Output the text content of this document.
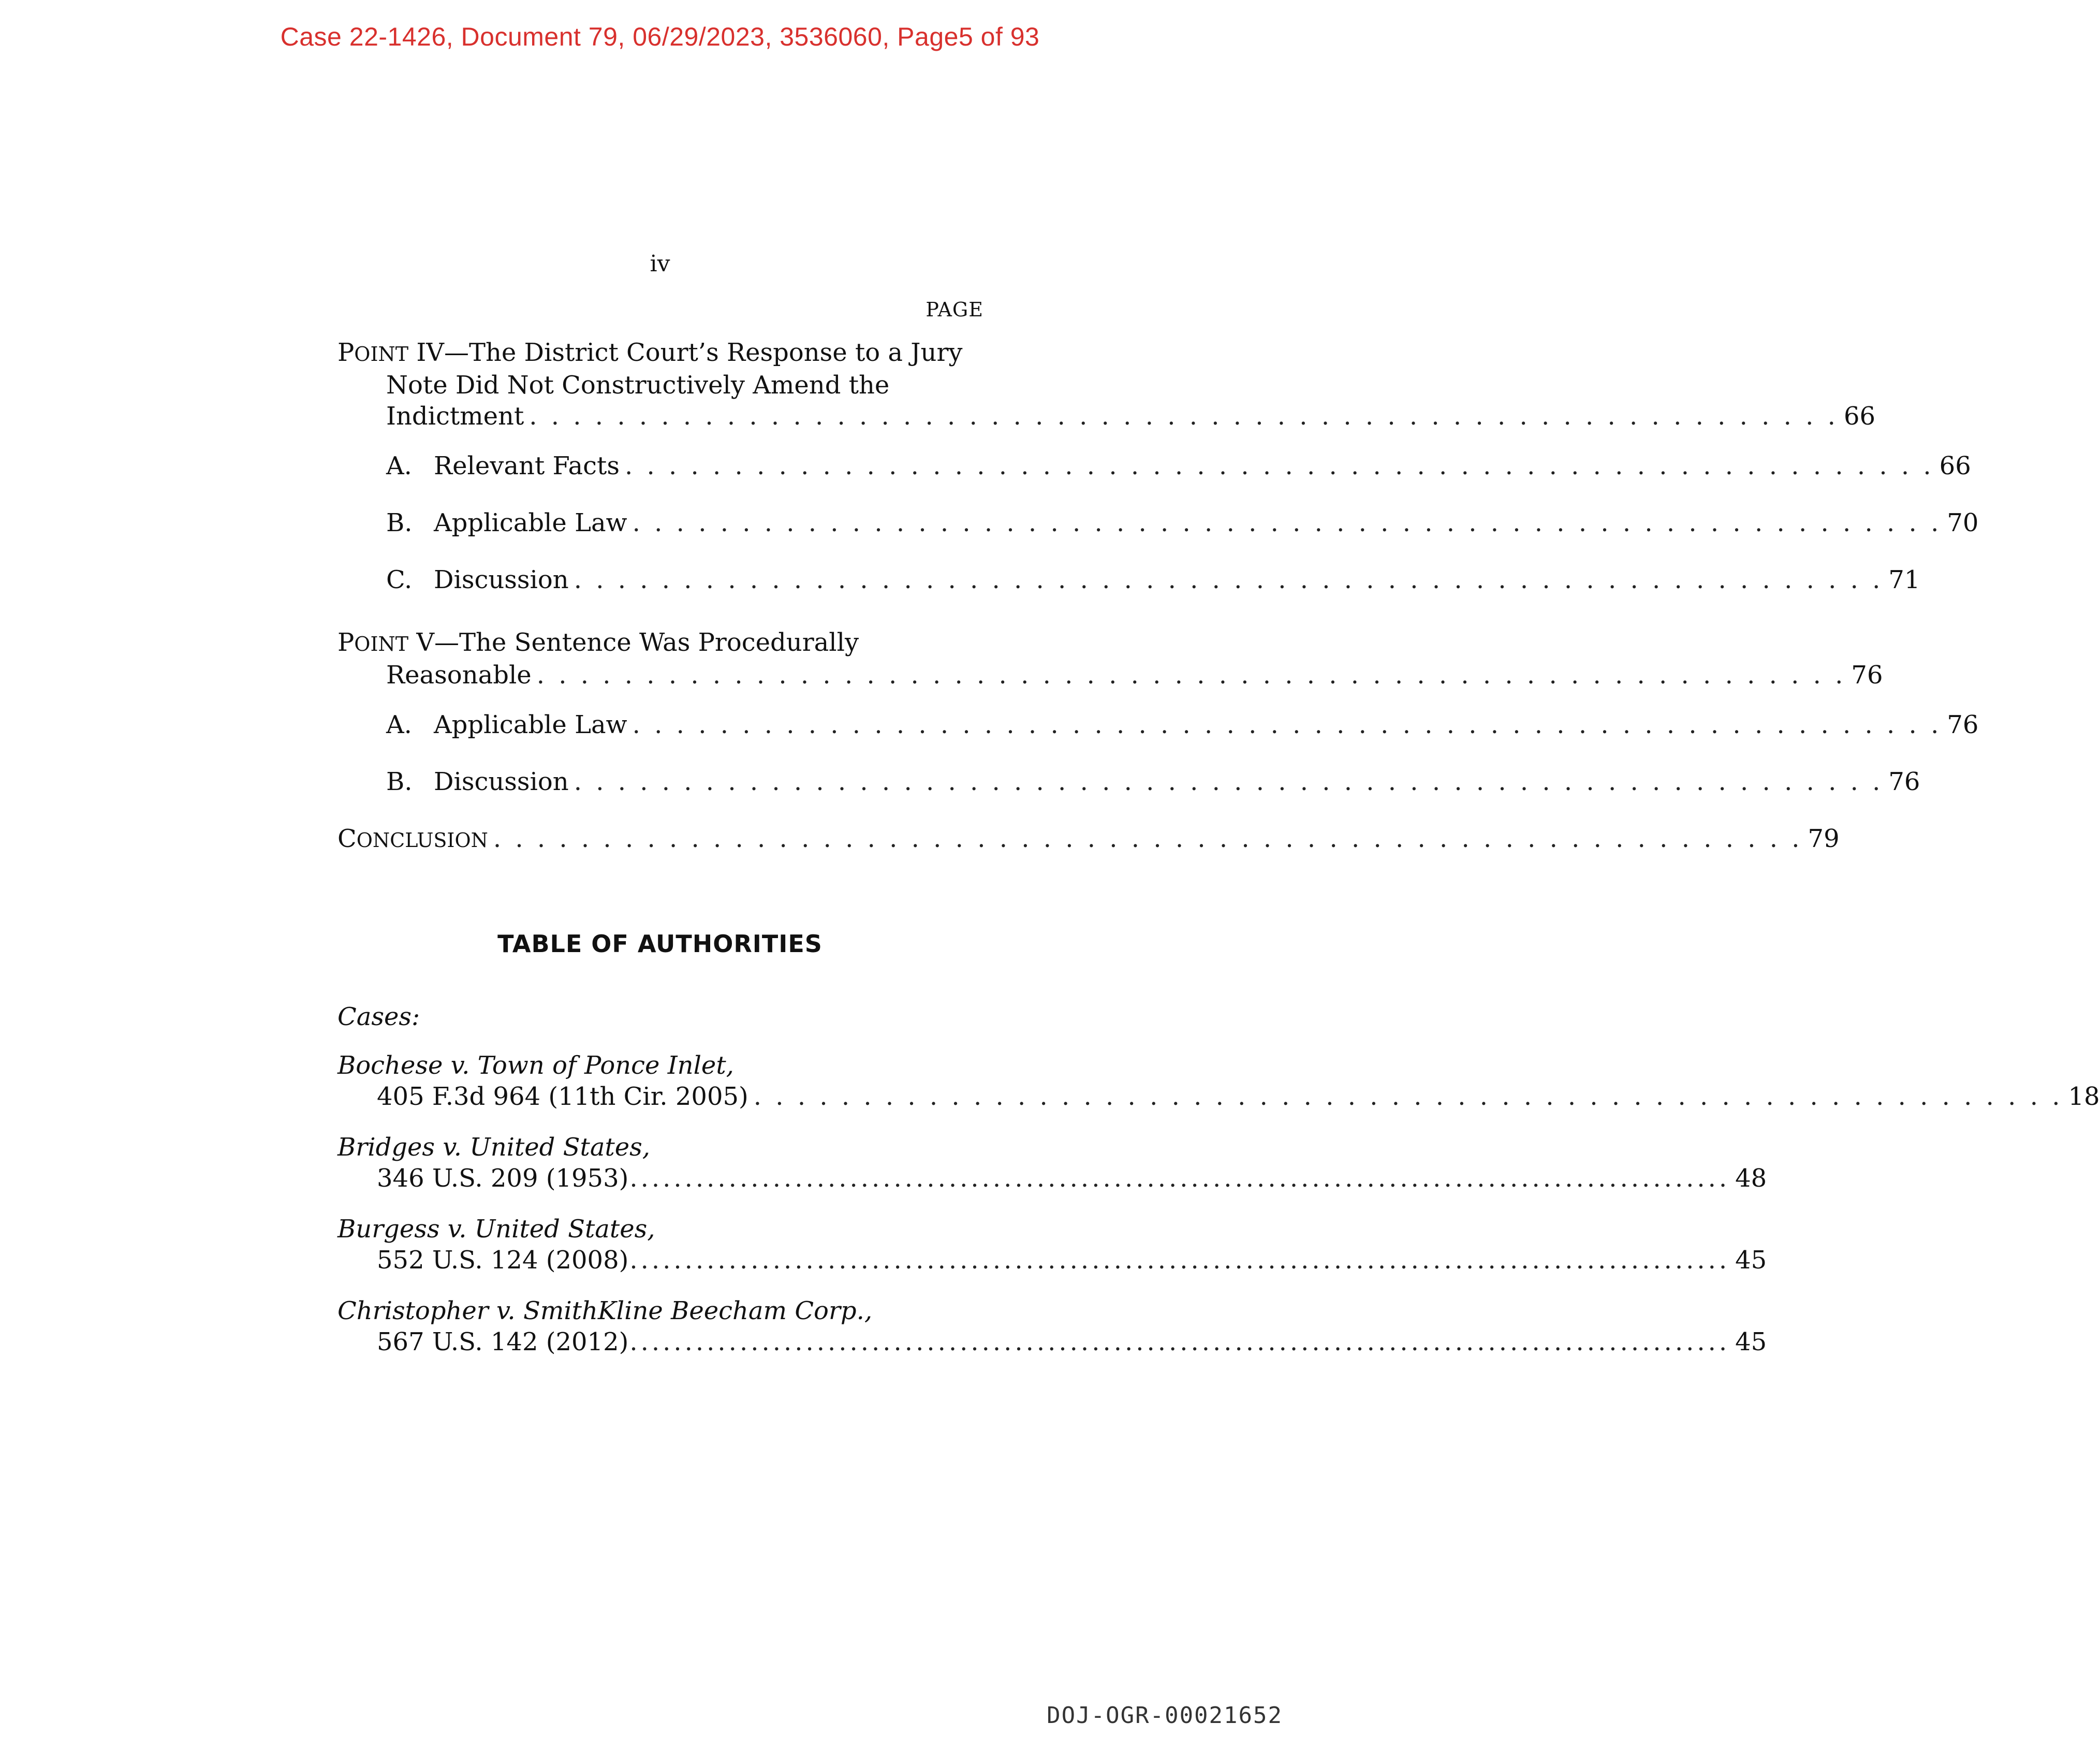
Case 22-1426, Document 79, 06/29/2023, 3536060, Page5 of 93
iv
PAGE
POINT IV—The District Court’s Response to a Jury
Note Did Not Constructively Amend the
Indictment . . . . . . . . . . . . . . . . . . . . . . . . . . . . . . . . . . . . . . . . . . . . . . . . . . . . . . . . . . . . 66
A. Relevant Facts . . . . . . . . . . . . . . . . . . . . . . . . . . . . . . . . . . . . . . . . . . . . . . . . . . . . . . . . . . . . 66
B. Applicable Law . . . . . . . . . . . . . . . . . . . . . . . . . . . . . . . . . . . . . . . . . . . . . . . . . . . . . . . . . . . . 70
C. Discussion . . . . . . . . . . . . . . . . . . . . . . . . . . . . . . . . . . . . . . . . . . . . . . . . . . . . . . . . . . . . 71
POINT V—The Sentence Was Procedurally
Reasonable . . . . . . . . . . . . . . . . . . . . . . . . . . . . . . . . . . . . . . . . . . . . . . . . . . . . . . . . . . . . 76
A. Applicable Law . . . . . . . . . . . . . . . . . . . . . . . . . . . . . . . . . . . . . . . . . . . . . . . . . . . . . . . . . . . . 76
B. Discussion . . . . . . . . . . . . . . . . . . . . . . . . . . . . . . . . . . . . . . . . . . . . . . . . . . . . . . . . . . . . 76
CONCLUSION . . . . . . . . . . . . . . . . . . . . . . . . . . . . . . . . . . . . . . . . . . . . . . . . . . . . . . . . . . . . 79
TABLE OF AUTHORITIES
Cases:
Bochese v. Town of Ponce Inlet,
405 F.3d 964 (11th Cir. 2005) . . . . . . . . . . . . . . . . . . . . . . . . . . . . . . . . . . . . . . . . . . . . . . . . . . . . . . . . . . . . 18
Bridges v. United States,
346 U.S. 209 (1953) .................................................................................................... 48
Burgess v. United States,
552 U.S. 124 (2008) .................................................................................................... 45
Christopher v. SmithKline Beecham Corp.,
567 U.S. 142 (2012) .................................................................................................... 45
DOJ-OGR-00021652
